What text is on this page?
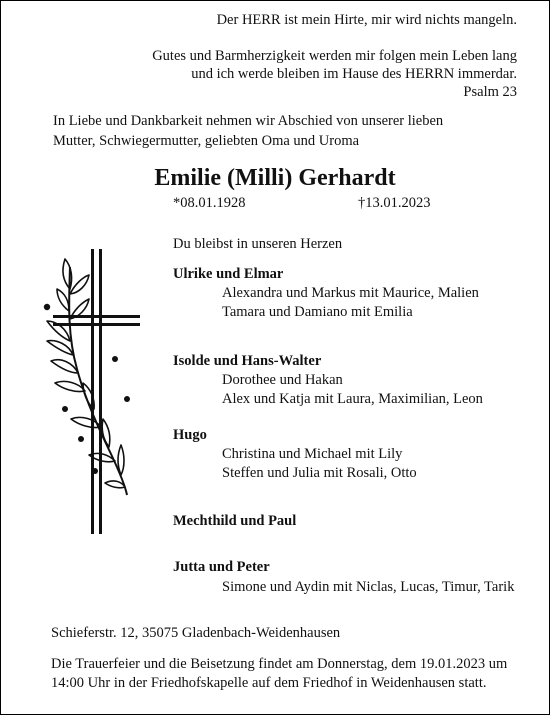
Der HERR ist mein Hirte, mir wird nichts mangeln.
Gutes und Barmherzigkeit werden mir folgen mein Leben lang
und ich werde bleiben im Hause des HERRN immerdar.
Psalm 23
In Liebe und Dankbarkeit nehmen wir Abschied von unserer lieben
Mutter, Schwiegermutter, geliebten Oma und Uroma
Emilie (Milli) Gerhardt
*08.01.1928	†13.01.2023
Du bleibst in unseren Herzen
Ulrike und Elmar
Alexandra und Markus mit Maurice, Malien
Tamara und Damiano mit Emilia
Isolde und Hans-Walter
Dorothee und Hakan
Alex und Katja mit Laura, Maximilian, Leon
Hugo
Christina und Michael mit Lily
Steffen und Julia mit Rosali, Otto
Mechthild und Paul
Jutta und Peter
Simone und Aydin mit Niclas, Lucas, Timur, Tarik
Schieferstr. 12, 35075 Gladenbach-Weidenhausen
Die Trauerfeier und die Beisetzung findet am Donnerstag, dem 19.01.2023 um
14:00 Uhr in der Friedhofskapelle auf dem Friedhof in Weidenhausen statt.
